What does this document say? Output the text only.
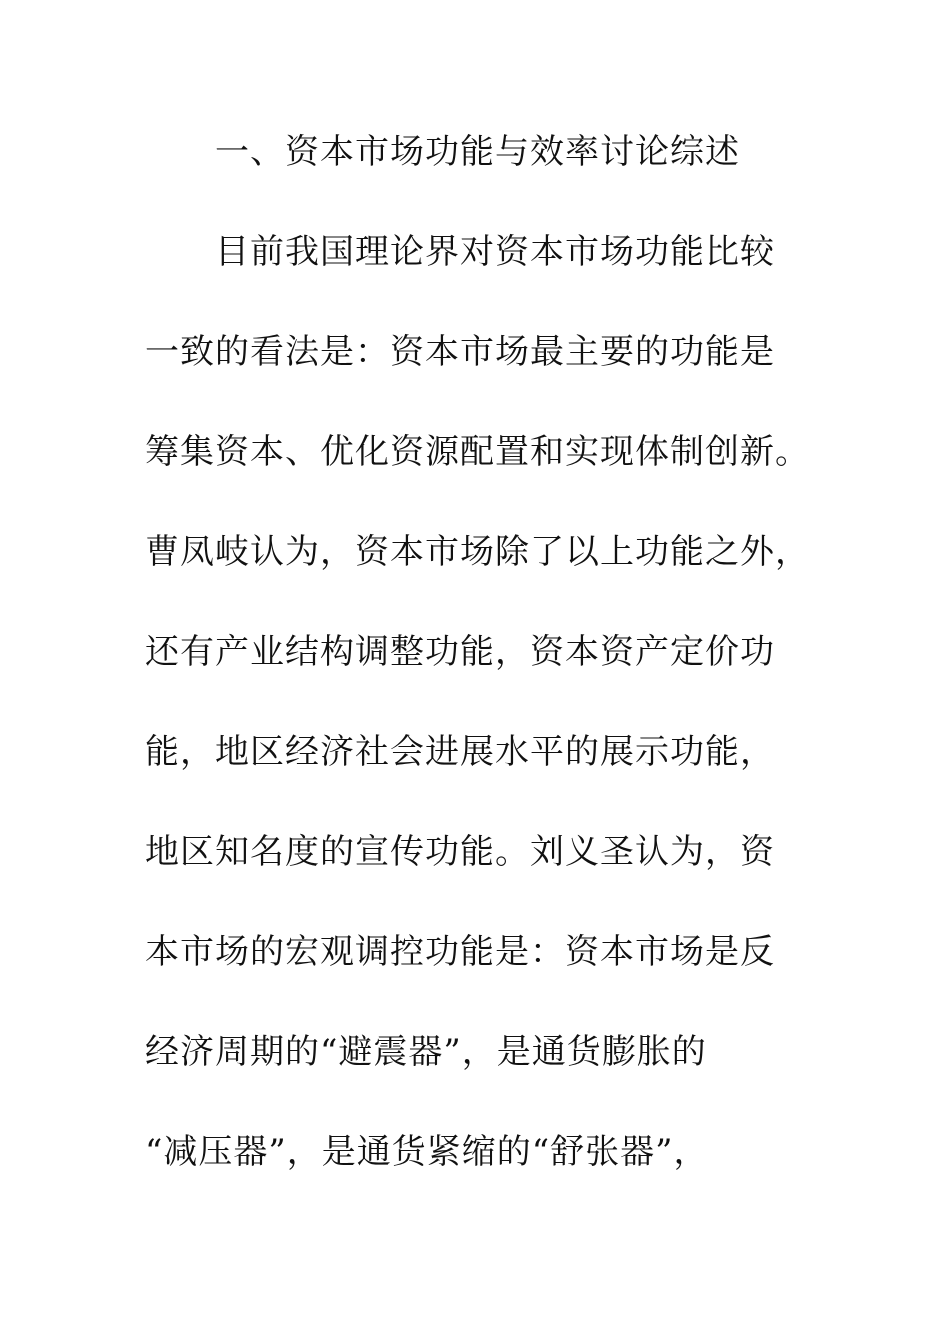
一、资本市场功能与效率讨论综述
目前我国理论界对资本市场功能比较
一致的看法是：资本市场最主要的功能是
筹集资本、优化资源配置和实现体制创新。
曹凤岐认为，资本市场除了以上功能之外，
还有产业结构调整功能，资本资产定价功
能，地区经济社会进展水平的展示功能，
地区知名度的宣传功能。刘义圣认为，资
本市场的宏观调控功能是：资本市场是反
经济周期的“避震器”，是通货膨胀的
“减压器”，是通货紧缩的“舒张器”，
